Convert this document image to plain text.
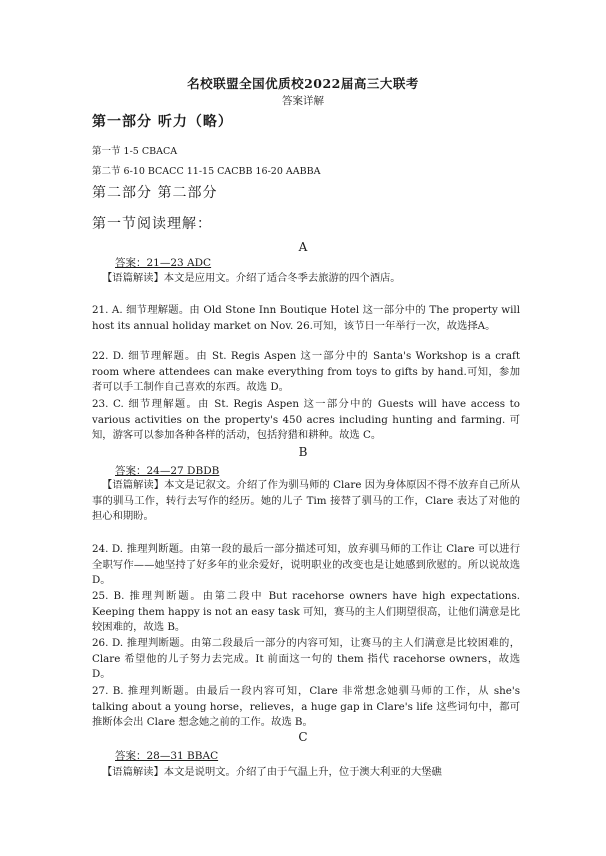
名校联盟全国优质校2022届高三大联考
答案详解
第一部分 听力（略）
第一节 1-5 CBACA
第二节 6-10 BCACC 11-15 CACBB 16-20 AABBA
第二部分 第二部分
第一节阅读理解：
A
答案：21—23 ADC
【语篇解读】本文是应用文。介绍了适合冬季去旅游的四个酒店。
21. A. 细节理解题。由 Old Stone Inn Boutique Hotel 这一部分中的 The property will host its annual holiday market on Nov. 26.可知，该节日一年举行一次，故选择A。
22. D. 细节理解题。由 St. Regis Aspen 这一部分中的 Santa's Workshop is a craft room where attendees can make everything from toys to gifts by hand.可知，参加者可以手工制作自己喜欢的东西。故选 D。
23. C. 细节理解题。由 St. Regis Aspen 这一部分中的 Guests will have access to various activities on the property's 450 acres including hunting and farming. 可知，游客可以参加各种各样的活动，包括狩猎和耕种。故选 C。
B
答案：24—27 DBDB
【语篇解读】本文是记叙文。介绍了作为驯马师的 Clare 因为身体原因不得不放弃自己所从事的驯马工作，转行去写作的经历。她的儿子 Tim 接替了驯马的工作，Clare 表达了对他的担心和期盼。
24. D. 推理判断题。由第一段的最后一部分描述可知，放弃驯马师的工作让 Clare 可以进行全职写作——她坚持了好多年的业余爱好，说明职业的改变也是让她感到欣慰的。所以说故选 D。
25. B. 推理判断题。由第二段中 But racehorse owners have high expectations. Keeping them happy is not an easy task 可知，赛马的主人们期望很高，让他们满意是比较困难的，故选 B。
26. D. 推理判断题。由第二段最后一部分的内容可知，让赛马的主人们满意是比较困难的，Clare 希望他的儿子努力去完成。It 前面这一句的 them 指代 racehorse owners，故选 D。
27. B. 推理判断题。由最后一段内容可知，Clare 非常想念她驯马师的工作，从 she's talking about a young horse，relieves，a huge gap in Clare's life 这些词句中，都可推断体会出 Clare 想念她之前的工作。故选 B。
C
答案：28—31 BBAC
【语篇解读】本文是说明文。介绍了由于气温上升，位于澳大利亚的大堡礁
